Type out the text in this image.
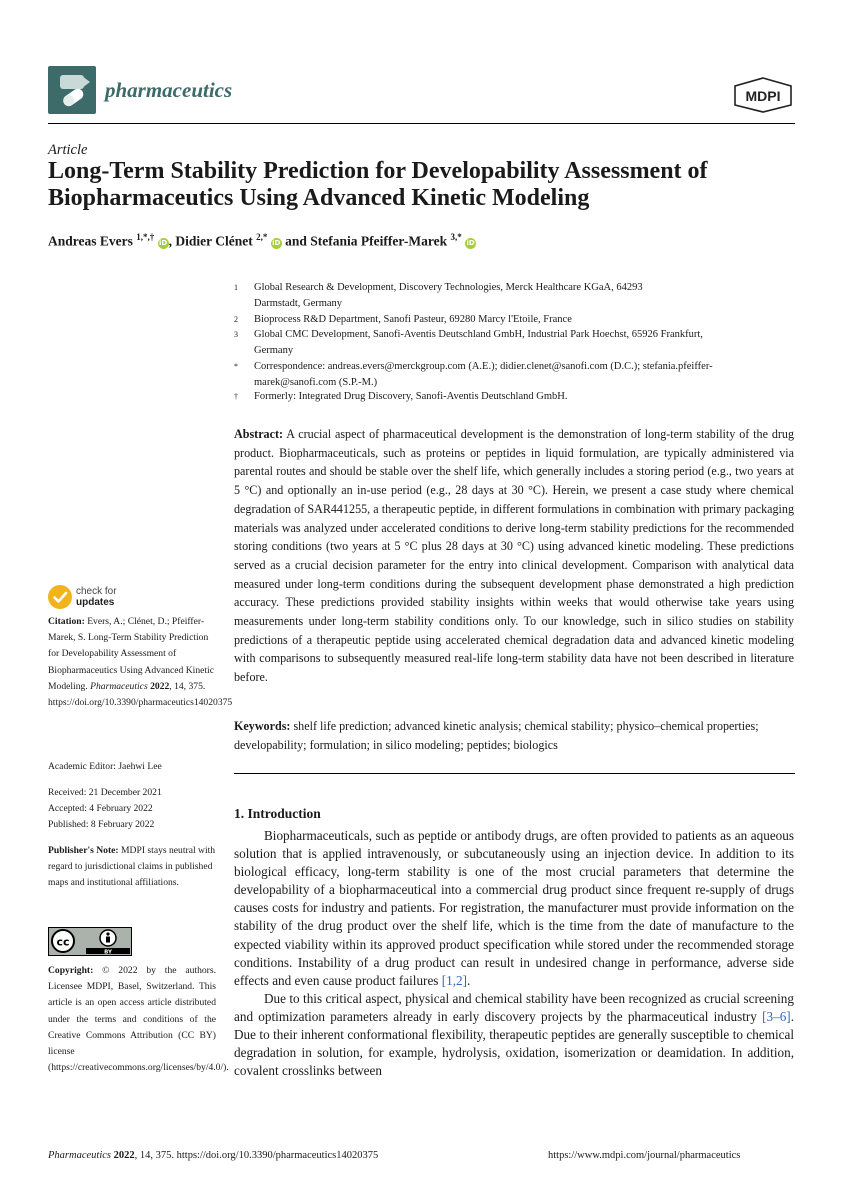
pharmaceutics	MDPI
Article
Long-Term Stability Prediction for Developability Assessment of Biopharmaceutics Using Advanced Kinetic Modeling
Andreas Evers $^{1,*,\dagger}$ iD, Didier Clénet $^{2,*}$ iD and Stefania Pfeiffer-Marek $^{3,*}$ iD
1	Global Research & Development, Discovery Technologies, Merck Healthcare KGaA, 64293 Darmstadt, Germany
2	Bioprocess R&D Department, Sanofi Pasteur, 69280 Marcy l'Etoile, France
3	Global CMC Development, Sanofi-Aventis Deutschland GmbH, Industrial Park Hoechst, 65926 Frankfurt, Germany
*	Correspondence: andreas.evers@merckgroup.com (A.E.); didier.clenet@sanofi.com (D.C.); stefania.pfeiffer-marek@sanofi.com (S.P.-M.)
†	Formerly: Integrated Drug Discovery, Sanofi-Aventis Deutschland GmbH.
Abstract: A crucial aspect of pharmaceutical development is the demonstration of long-term stability of the drug product. Biopharmaceuticals, such as proteins or peptides in liquid formulation, are typically administered via parental routes and should be stable over the shelf life, which generally includes a storing period (e.g., two years at 5 °C) and optionally an in-use period (e.g., 28 days at 30 °C). Herein, we present a case study where chemical degradation of SAR441255, a therapeutic peptide, in different formulations in combination with primary packaging materials was analyzed under accelerated conditions to derive long-term stability predictions for the recommended storing conditions (two years at 5 °C plus 28 days at 30 °C) using advanced kinetic modeling. These predictions served as a crucial decision parameter for the entry into clinical development. Comparison with analytical data measured under long-term conditions during the subsequent development phase demonstrated a high prediction accuracy. These predictions provided stability insights within weeks that would otherwise take years using measurements under long-term stability conditions only. To our knowledge, such in silico studies on stability predictions of a therapeutic peptide using accelerated chemical degradation data and advanced kinetic modeling with comparisons to subsequently measured real-life long-term stability data have not been described in literature before.
Keywords: shelf life prediction; advanced kinetic analysis; chemical stability; physico–chemical properties; developability; formulation; in silico modeling; peptides; biologics
1. Introduction

Biopharmaceuticals, such as peptide or antibody drugs, are often provided to patients as an aqueous solution that is applied intravenously, or subcutaneously using an injection device. In addition to its biological efficacy, long-term stability is one of the most crucial parameters that determine the developability of a biopharmaceutical into a commercial drug product since frequent re-supply of drugs causes costs for industry and patients. For registration, the manufacturer must provide information on the stability of the drug product over the shelf life, which is the time from the date of manufacture to the expected viability within its approved product specification while stored under the recommended storage conditions. Instability of a drug product can result in undesired change in performance, adverse side effects and even cause product failures [1,2].

Due to this critical aspect, physical and chemical stability have been recognized as crucial screening and optimization parameters already in early discovery projects by the pharmaceutical industry [3–6]. Due to their inherent conformational flexibility, therapeutic peptides are generally susceptible to chemical degradation in solution, for example, hydrolysis, oxidation, isomerization or deamidation. In addition, covalent crosslinks between

check for
updates
Citation: Evers, A.; Clénet, D.; Pfeiffer-Marek, S. Long-Term Stability Prediction for Developability Assessment of Biopharmaceutics Using Advanced Kinetic Modeling. Pharmaceutics 2022, 14, 375. https://doi.org/10.3390/pharmaceutics14020375
Academic Editor: Jaehwi Lee
Received: 21 December 2021
Accepted: 4 February 2022
Published: 8 February 2022
Publisher's Note: MDPI stays neutral with regard to jurisdictional claims in published maps and institutional affiliations.
cc
BY
Copyright: © 2022 by the authors. Licensee MDPI, Basel, Switzerland. This article is an open access article distributed under the terms and conditions of the Creative Commons Attribution (CC BY) license (https://creativecommons.org/licenses/by/4.0/).
Pharmaceutics 2022, 14, 375. https://doi.org/10.3390/pharmaceutics14020375	https://www.mdpi.com/journal/pharmaceutics
